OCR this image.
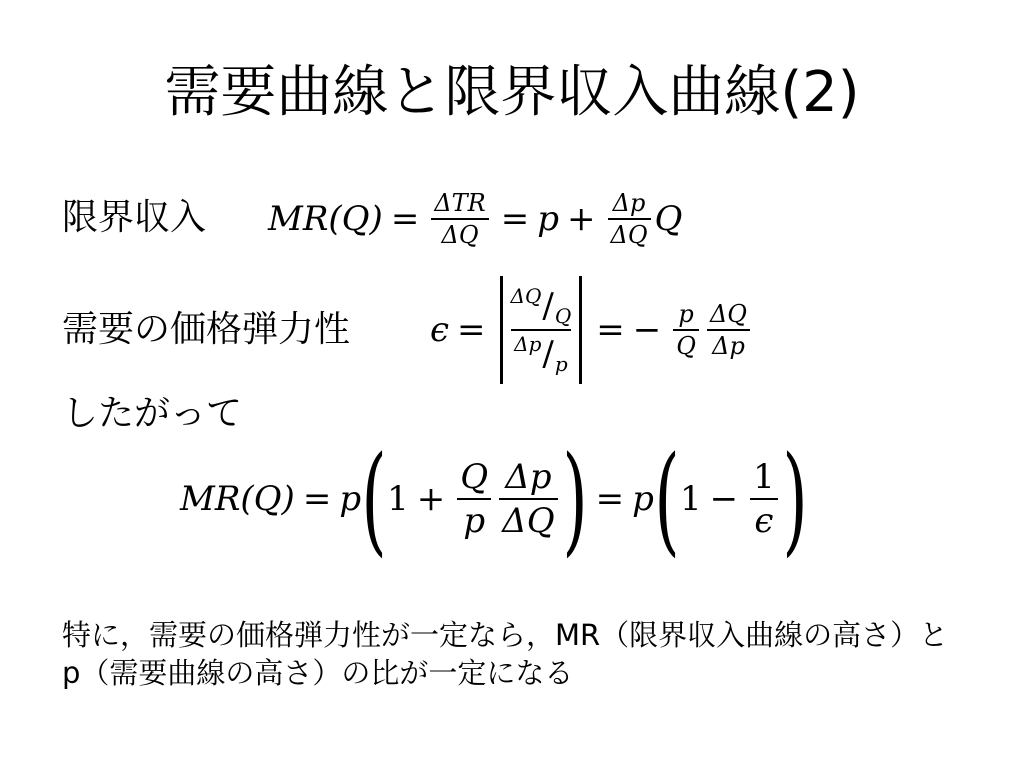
需要曲線と限界収入曲線(2)
限界収入 $MR(Q) = \frac{\text{ΔTR}}{\Delta Q} = p + \frac{\Delta p}{\Delta Q}$ Q
需要の価格弾力性 ϵ =
ΔQ / Q
Δp / p
= − $\frac{p}{Q} \frac{\Delta Q}{\Delta p}$
したがって
MR(Q) = p ( $1 + \frac{Q}{p} \frac{\Delta p}{\Delta Q}$ ) = p ( $1 - \frac{1}{\epsilon}$ )
特に，需要の価格弾力性が一定なら，MR（限界収入曲線の高さ）とp（需要曲線の高さ）の比が一定になる
